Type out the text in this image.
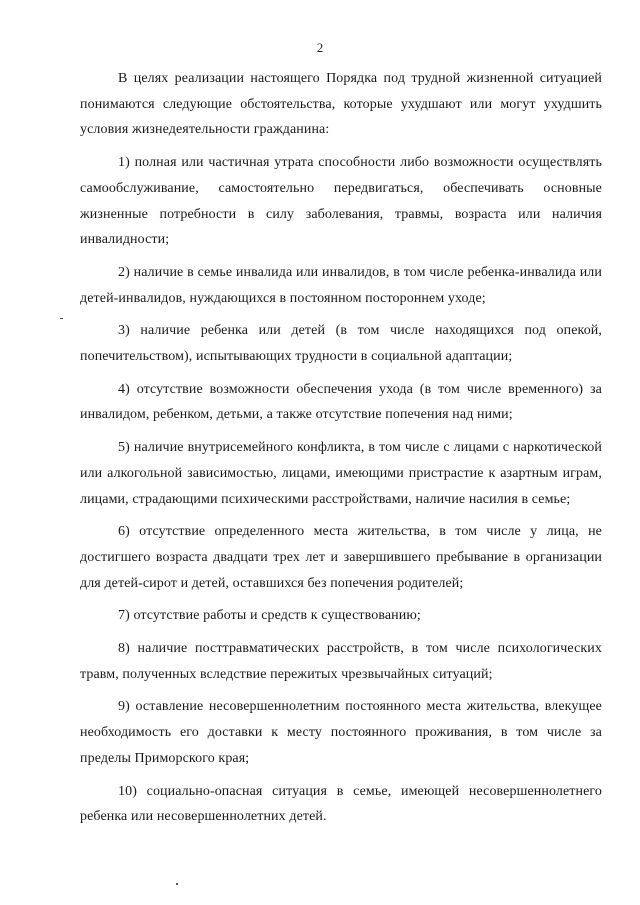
2

В целях реализации настоящего Порядка под трудной жизненной ситуацией понимаются следующие обстоятельства, которые ухудшают или могут ухудшить условия жизнедеятельности гражданина:

1) полная или частичная утрата способности либо возможности осуществлять самообслуживание, самостоятельно передвигаться, обеспечивать основные жизненные потребности в силу заболевания, травмы, возраста или наличия инвалидности;

2) наличие в семье инвалида или инвалидов, в том числе ребенка-инвалида или детей-инвалидов, нуждающихся в постоянном постороннем уходе;

3) наличие ребенка или детей (в том числе находящихся под опекой, попечительством), испытывающих трудности в социальной адаптации;

4) отсутствие возможности обеспечения ухода (в том числе временного) за инвалидом, ребенком, детьми, а также отсутствие попечения над ними;

5) наличие внутрисемейного конфликта, в том числе с лицами с наркотической или алкогольной зависимостью, лицами, имеющими пристрастие к азартным играм, лицами, страдающими психическими расстройствами, наличие насилия в семье;

6) отсутствие определенного места жительства, в том числе у лица, не достигшего возраста двадцати трех лет и завершившего пребывание в организации для детей-сирот и детей, оставшихся без попечения родителей;

7) отсутствие работы и средств к существованию;

8) наличие посттравматических расстройств, в том числе психологических травм, полученных вследствие пережитых чрезвычайных ситуаций;

9) оставление несовершеннолетним постоянного места жительства, влекущее необходимость его доставки к месту постоянного проживания, в том числе за пределы Приморского края;

10) социально-опасная ситуация в семье, имеющей несовершеннолетнего ребенка или несовершеннолетних детей.
